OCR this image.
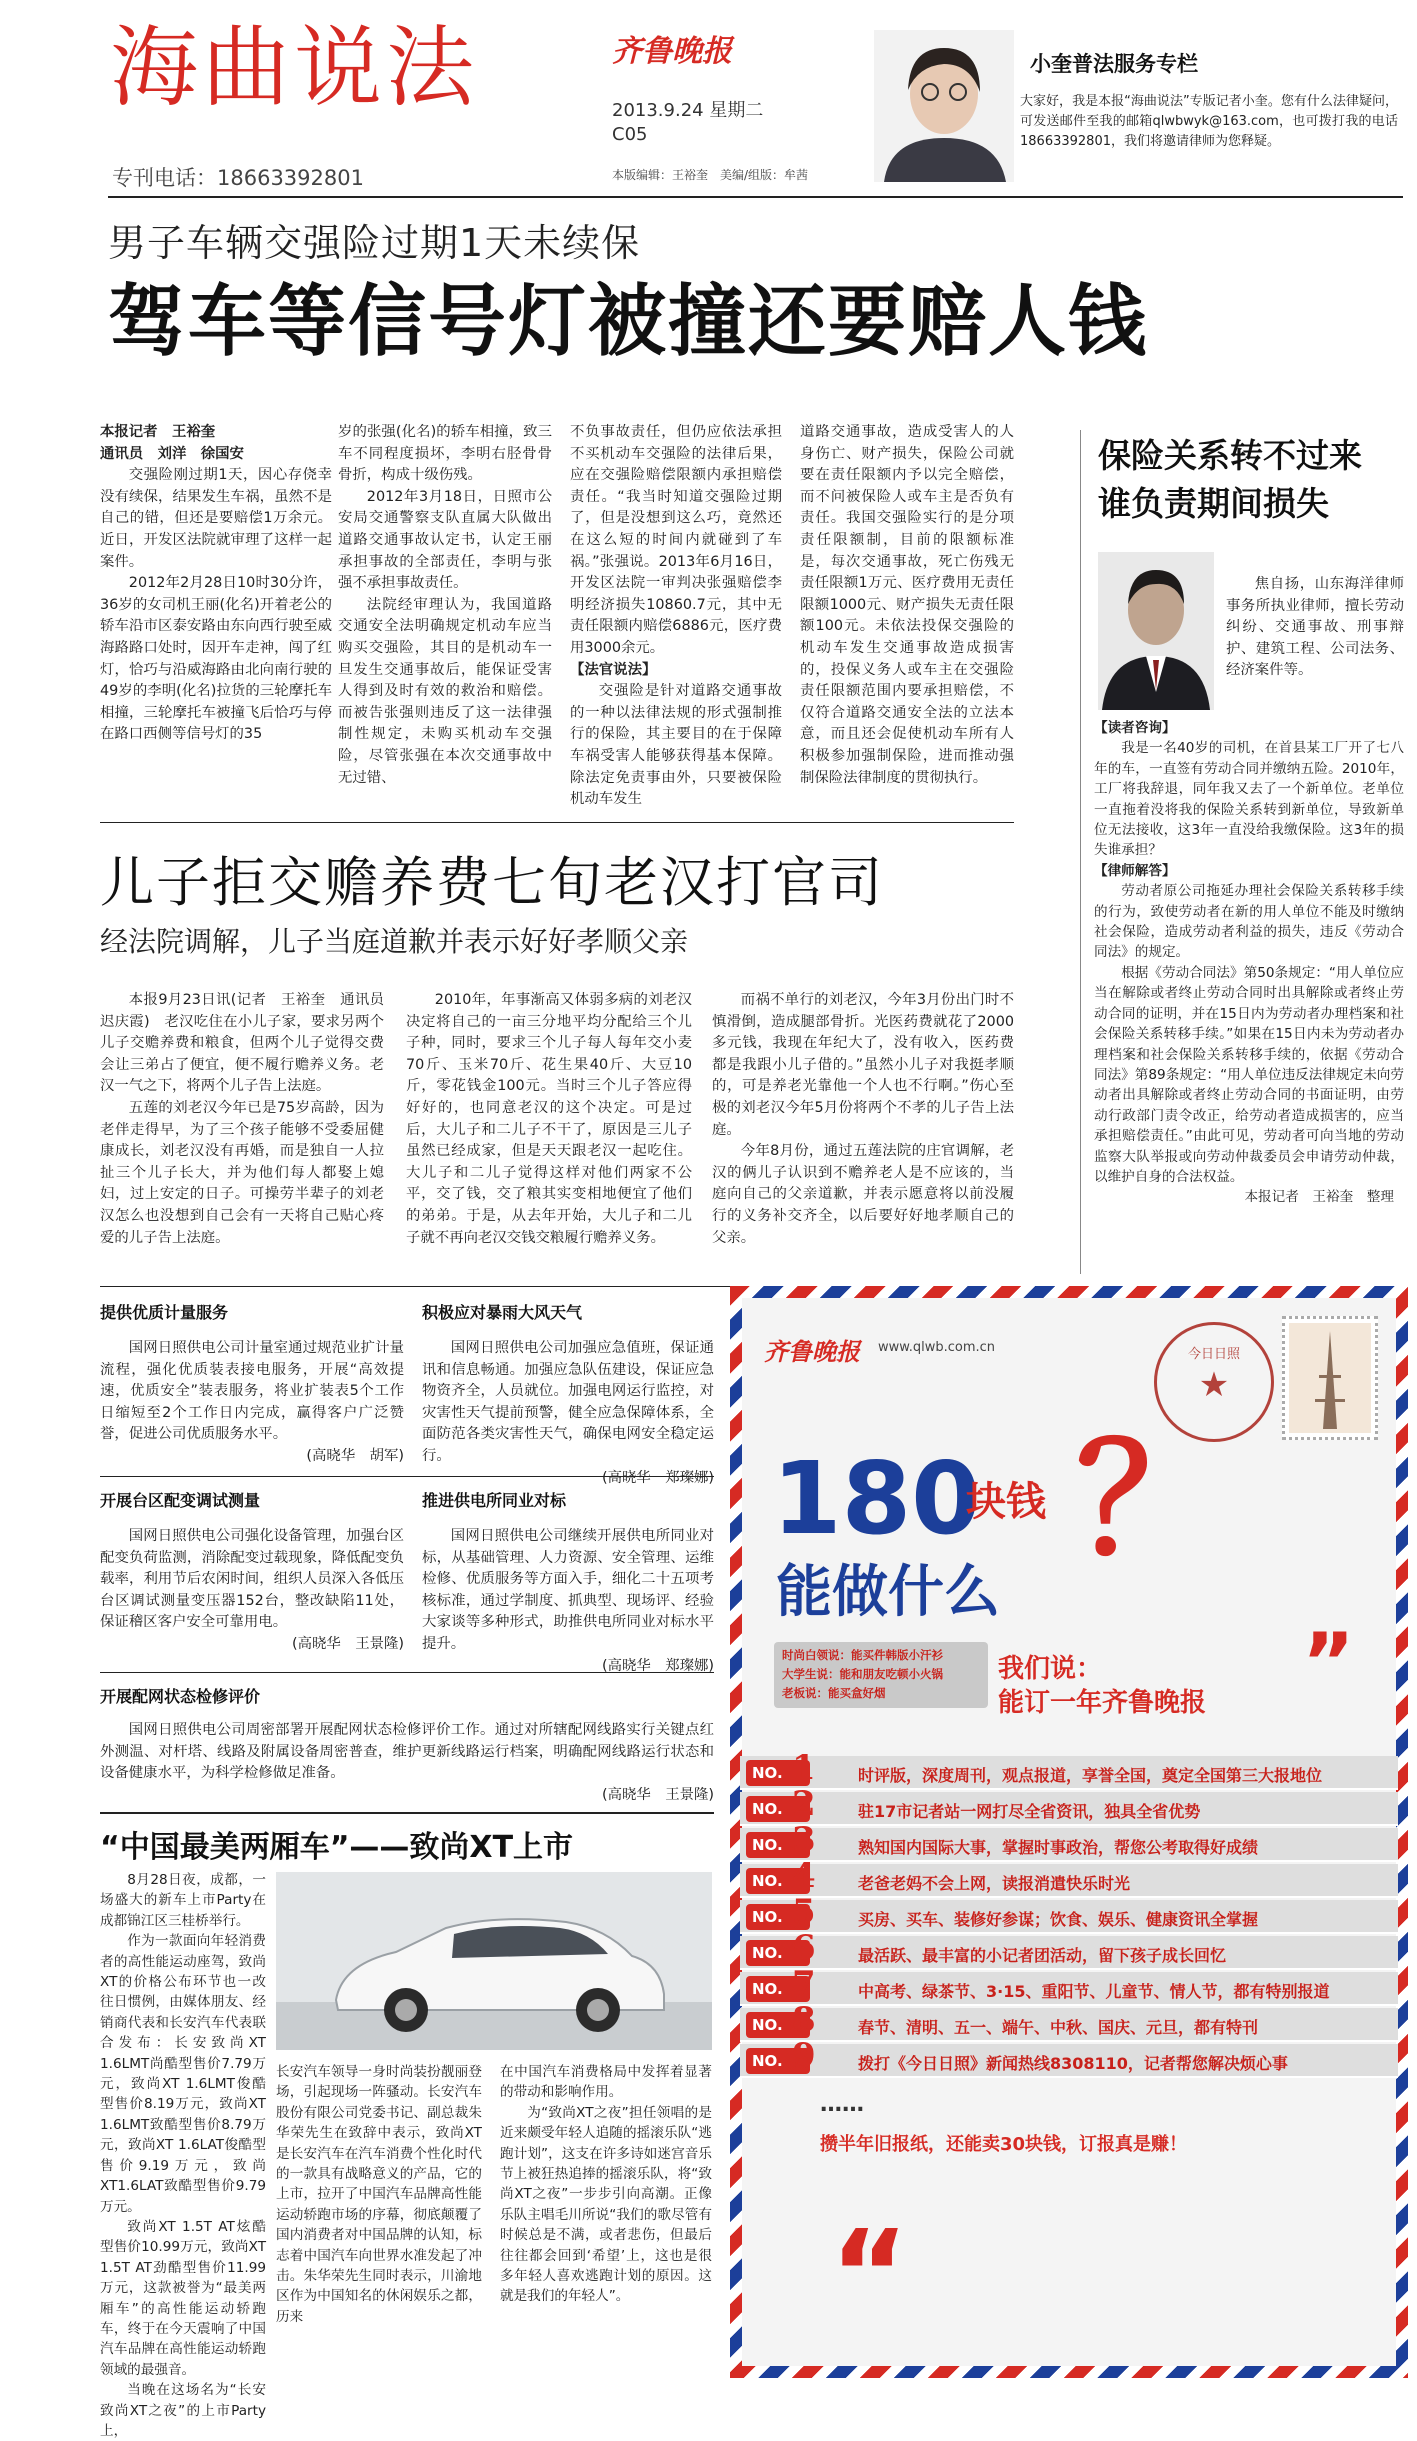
海曲说法	齐鲁晚报
2013.9.24 星期二
C05
专刊电话：18663392801	本版编辑：王裕奎　美编/组版：牟茜
小奎普法服务专栏
大家好，我是本报“海曲说法”专版记者小奎。您有什么法律疑问，可发送邮件至我的邮箱qlwbwyk@163.com，也可拨打我的电话18663392801，我们将邀请律师为您释疑。
男子车辆交强险过期1天未续保
驾车等信号灯被撞还要赔人钱

本报记者　王裕奎

通讯员　刘洋　徐国安

交强险刚过期1天，因心存侥幸没有续保，结果发生车祸，虽然不是自己的错，但还是要赔偿1万余元。近日，开发区法院就审理了这样一起案件。

2012年2月28日10时30分许，36岁的女司机王丽(化名)开着老公的轿车沿市区泰安路由东向西行驶至威海路路口处时，因开车走神，闯了红灯，恰巧与沿威海路由北向南行驶的49岁的李明(化名)拉货的三轮摩托车相撞，三轮摩托车被撞飞后恰巧与停在路口西侧等信号灯的35

岁的张强(化名)的轿车相撞，致三车不同程度损坏，李明右胫骨骨骨折，构成十级伤残。

2012年3月18日，日照市公安局交通警察支队直属大队做出道路交通事故认定书，认定王丽承担事故的全部责任，李明与张强不承担事故责任。

法院经审理认为，我国道路交通安全法明确规定机动车应当购买交强险，其目的是机动车一旦发生交通事故后，能保证受害人得到及时有效的救治和赔偿。而被告张强则违反了这一法律强制性规定，未购买机动车交强险，尽管张强在本次交通事故中无过错、

不负事故责任，但仍应依法承担不买机动车交强险的法律后果，应在交强险赔偿限额内承担赔偿责任。“我当时知道交强险过期了，但是没想到这么巧，竟然还在这么短的时间内就碰到了车祸。”张强说。2013年6月16日，开发区法院一审判决张强赔偿李明经济损失10860.7元，其中无责任限额内赔偿6886元，医疗费用3000余元。

【法官说法】

交强险是针对道路交通事故的一种以法律法规的形式强制推行的保险，其主要目的在于保障车祸受害人能够获得基本保障。除法定免责事由外，只要被保险机动车发生

道路交通事故，造成受害人的人身伤亡、财产损失，保险公司就要在责任限额内予以完全赔偿，而不问被保险人或车主是否负有责任。我国交强险实行的是分项责任限额制，目前的限额标准是，每次交通事故，死亡伤残无责任限额1万元、医疗费用无责任限额1000元、财产损失无责任限额100元。未依法投保交强险的机动车发生交通事故造成损害的，投保义务人或车主在交强险责任限额范围内要承担赔偿，不仅符合道路交通安全法的立法本意，而且还会促使机动车所有人积极参加强制保险，进而推动强制保险法律制度的贯彻执行。

儿子拒交赡养费七旬老汉打官司
经法院调解，儿子当庭道歉并表示好好孝顺父亲

本报9月23日讯(记者　王裕奎　通讯员　迟庆霞)　老汉吃住在小儿子家，要求另两个儿子交赡养费和粮食，但两个儿子觉得交费会让三弟占了便宜，便不履行赡养义务。老汉一气之下，将两个儿子告上法庭。

五莲的刘老汉今年已是75岁高龄，因为老伴走得早，为了三个孩子能够不受委屈健康成长，刘老汉没有再婚，而是独自一人拉扯三个儿子长大，并为他们每人都娶上媳妇，过上安定的日子。可操劳半辈子的刘老汉怎么也没想到自己会有一天将自己贴心疼爱的儿子告上法庭。

2010年，年事渐高又体弱多病的刘老汉决定将自己的一亩三分地平均分配给三个儿子种，同时，要求三个儿子每人每年交小麦70斤、玉米70斤、花生果40斤、大豆10斤，零花钱金100元。当时三个儿子答应得好好的，也同意老汉的这个决定。可是过后，大儿子和二儿子不干了，原因是三儿子虽然已经成家，但是天天跟老汉一起吃住。大儿子和二儿子觉得这样对他们两家不公平，交了钱，交了粮其实变相地便宜了他们的弟弟。于是，从去年开始，大儿子和二儿子就不再向老汉交钱交粮履行赡养义务。

而祸不单行的刘老汉，今年3月份出门时不慎滑倒，造成腿部骨折。光医药费就花了2000多元钱，我现在年纪大了，没有收入，医药费都是我跟小儿子借的。”虽然小儿子对我挺孝顺的，可是养老光靠他一个人也不行啊。”伤心至极的刘老汉今年5月份将两个不孝的儿子告上法庭。

今年8月份，通过五莲法院的庄官调解，老汉的俩儿子认识到不赡养老人是不应该的，当庭向自己的父亲道歉，并表示愿意将以前没履行的义务补交齐全，以后要好好地孝顺自己的父亲。

保险关系转不过来
谁负责期间损失
焦自扬，山东海洋律师事务所执业律师，擅长劳动纠纷、交通事故、刑事辩护、建筑工程、公司法务、经济案件等。

【读者咨询】

我是一名40岁的司机，在首县某工厂开了七八年的车，一直签有劳动合同并缴纳五险。2010年，工厂将我辞退，同年我又去了一个新单位。老单位一直拖着没将我的保险关系转到新单位，导致新单位无法接收，这3年一直没给我缴保险。这3年的损失谁承担？

【律师解答】

劳动者原公司拖延办理社会保险关系转移手续的行为，致使劳动者在新的用人单位不能及时缴纳社会保险，造成劳动者利益的损失，违反《劳动合同法》的规定。

根据《劳动合同法》第50条规定：“用人单位应当在解除或者终止劳动合同时出具解除或者终止劳动合同的证明，并在15日内为劳动者办理档案和社会保险关系转移手续。”如果在15日内未为劳动者办理档案和社会保险关系转移手续的，依据《劳动合同法》第89条规定：“用人单位违反法律规定未向劳动者出具解除或者终止劳动合同的书面证明，由劳动行政部门责令改正，给劳动者造成损害的，应当承担赔偿责任。”由此可见，劳动者可向当地的劳动监察大队举报或向劳动仲裁委员会申请劳动仲裁，以维护自身的合法权益。

本报记者　王裕奎　整理

提供优质计量服务

国网日照供电公司计量室通过规范业扩计量流程，强化优质装表接电服务，开展“高效提速，优质安全”装表服务，将业扩装表5个工作日缩短至2个工作日内完成，赢得客户广泛赞誉，促进公司优质服务水平。

(高晓华　胡军)

积极应对暴雨大风天气

国网日照供电公司加强应急值班，保证通讯和信息畅通。加强应急队伍建设，保证应急物资齐全，人员就位。加强电网运行监控，对灾害性天气提前预警，健全应急保障体系，全面防范各类灾害性天气，确保电网安全稳定运行。

(高晓华　郑璨娜)

开展台区配变调试测量

国网日照供电公司强化设备管理，加强台区配变负荷监测，消除配变过载现象，降低配变负载率，利用节后农闲时间，组织人员深入各低压台区调试测量变压器152台，整改缺陷11处，保证稽区客户安全可靠用电。

(高晓华　王景隆)

推进供电所同业对标

国网日照供电公司继续开展供电所同业对标，从基础管理、人力资源、安全管理、运维检修、优质服务等方面入手，细化二十五项考核标准，通过学制度、抓典型、现场评、经验大家谈等多种形式，助推供电所同业对标水平提升。

(高晓华　郑璨娜)

开展配网状态检修评价

国网日照供电公司周密部署开展配网状态检修评价工作。通过对所辖配网线路实行关键点红外测温、对杆塔、线路及附属设备周密普查，维护更新线路运行档案，明确配网线路运行状态和设备健康水平，为科学检修做足准备。

(高晓华　王景隆)

“中国最美两厢车”——致尚XT上市

8月28日夜，成都，一场盛大的新车上市Party在成都锦江区三桂桥举行。

作为一款面向年轻消费者的高性能运动座驾，致尚XT的价格公布环节也一改往日惯例，由媒体朋友、经销商代表和长安汽车代表联合发布：长安致尚XT 1.6LMT尚酷型售价7.79万元，致尚XT 1.6LMT俊酷型售价8.19万元，致尚XT 1.6LMT致酷型售价8.79万元，致尚XT 1.6LAT俊酷型售价9.19万元，致尚XT1.6LAT致酷型售价9.79万元。

致尚XT 1.5T AT炫酷型售价10.99万元，致尚XT 1.5T AT劲酷型售价11.99万元，这款被誉为“最美两厢车”的高性能运动轿跑车，终于在今天震响了中国汽车品牌在高性能运动轿跑领域的最强音。

当晚在这场名为“长安致尚XT之夜”的上市Party上，

长安汽车领导一身时尚装扮靓丽登场，引起现场一阵骚动。长安汽车股份有限公司党委书记、副总裁朱华荣先生在致辞中表示，致尚XT是长安汽车在汽车消费个性化时代的一款具有战略意义的产品，它的上市，拉开了中国汽车品牌高性能运动轿跑市场的序幕，彻底颠覆了国内消费者对中国品牌的认知，标志着中国汽车向世界水准发起了冲击。朱华荣先生同时表示，川渝地区作为中国知名的休闲娱乐之都，历来

在中国汽车消费格局中发挥着显著的带动和影响作用。

为“致尚XT之夜”担任领唱的是近来颇受年轻人追随的摇滚乐队“逃跑计划”，这支在许多诗如迷宫音乐节上被狂热追捧的摇滚乐队，将“致尚XT之夜”一步步引向高潮。正像乐队主唱毛川所说“我们的歌尽管有时候总是不满，或者悲伤，但最后往往都会回到‘希望’上，这也是很多年轻人喜欢逃跑计划的原因。这就是我们的年轻人”。

齐鲁晚报 www.qlwb.com.cn	今日日照
★
180
块钱
能做什么
？
时尚白领说：能买件韩版小汗衫
大学生说：能和朋友吃顿小火锅
老板说：能买盒好烟
我们说：
能订一年齐鲁晚报 ”
NO. 1	时评版，深度周刊，观点报道，享誉全国，奠定全国第三大报地位
NO. 2	驻17市记者站一网打尽全省资讯，独具全省优势
NO. 3	熟知国内国际大事，掌握时事政治，帮您公考取得好成绩
NO. 4	老爸老妈不会上网，读报消遣快乐时光
NO. 5	买房、买车、装修好参谋；饮食、娱乐、健康资讯全掌握
NO. 6	最活跃、最丰富的小记者团活动，留下孩子成长回忆
NO. 7	中高考、绿茶节、3·15、重阳节、儿童节、情人节，都有特别报道
NO. 8	春节、清明、五一、端午、中秋、国庆、元旦，都有特刊
NO. 9	拨打《今日日照》新闻热线8308110，记者帮您解决烦心事
……
攒半年旧报纸，还能卖30块钱，订报真是赚！
“
